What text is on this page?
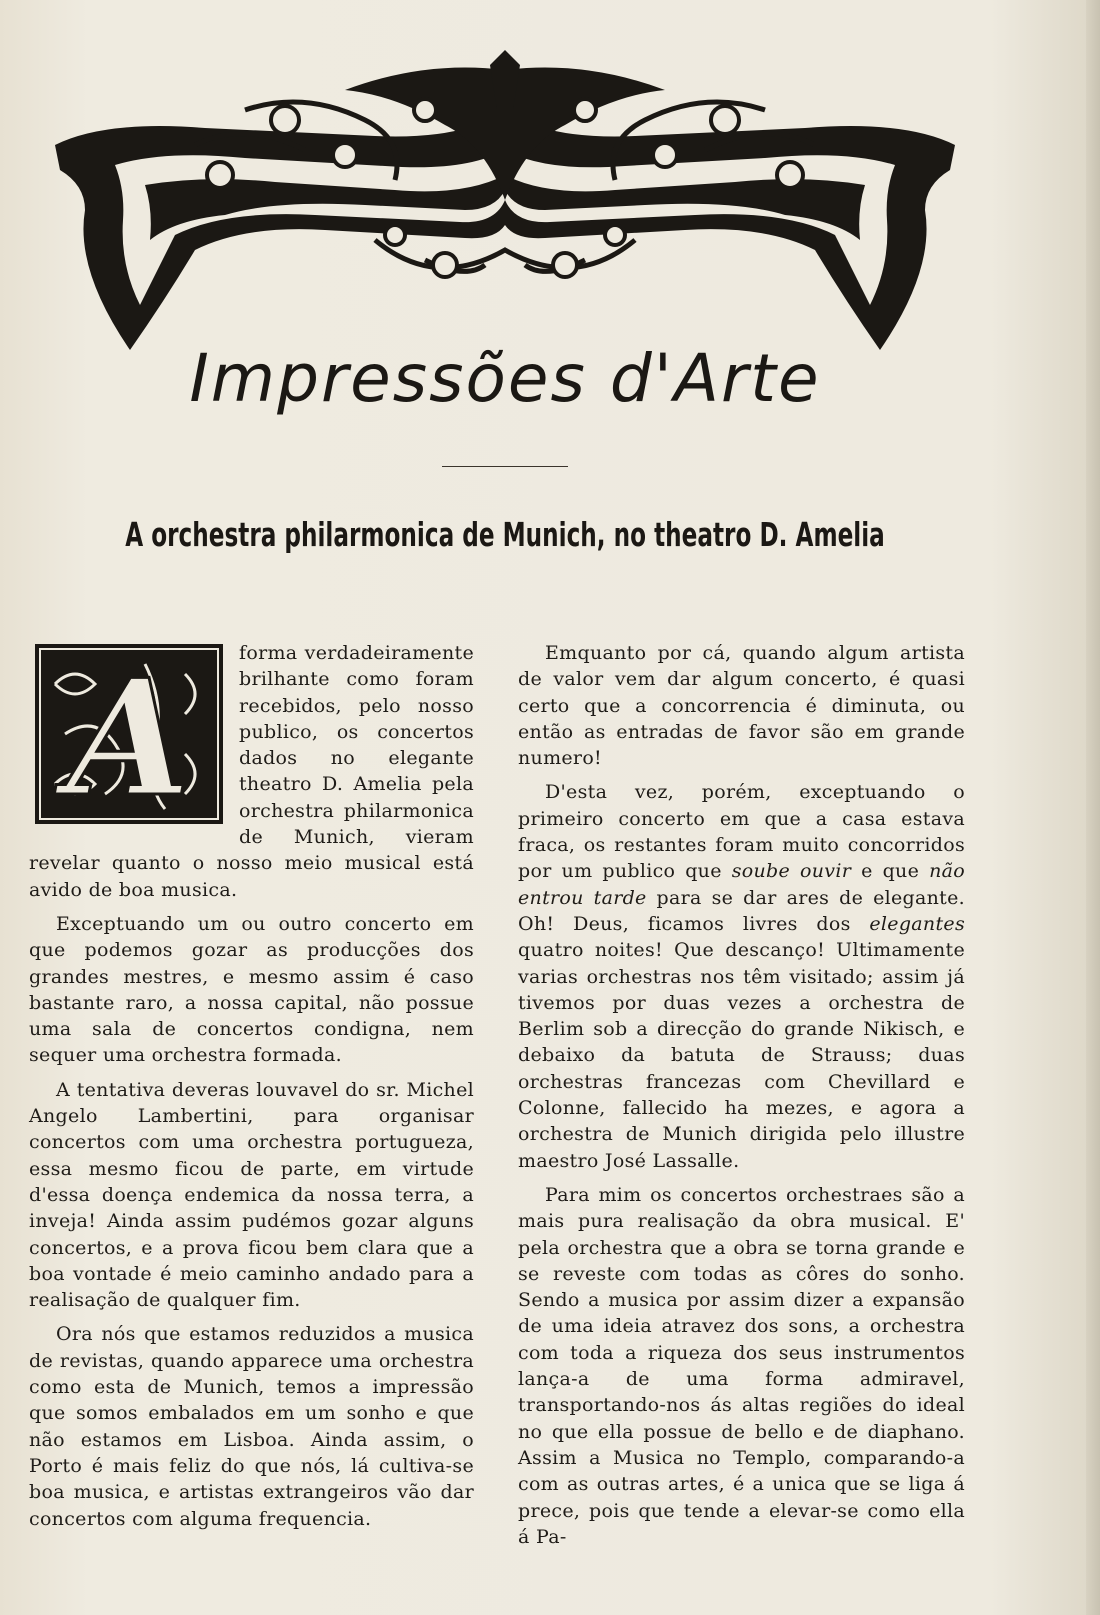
Impressões d'Arte
A orchestra philarmonica de Munich, no theatro D. Amelia
A	forma verdadeiramente brilhante como foram recebidos, pelo nosso publico, os concertos dados no elegante theatro D. Amelia pela orchestra philarmonica de Munich, vieram revelar quanto o nosso meio musical está avido de boa musica.

Exceptuando um ou outro concerto em que podemos gozar as producções dos grandes mestres, e mesmo assim é caso bastante raro, a nossa capital, não possue uma sala de concertos condigna, nem sequer uma orchestra formada.

A tentativa deveras louvavel do sr. Michel Angelo Lambertini, para organisar concertos com uma orchestra portugueza, essa mesmo ficou de parte, em virtude d'essa doença endemica da nossa terra, a inveja! Ainda assim pudémos gozar alguns concertos, e a prova ficou bem clara que a boa vontade é meio caminho andado para a realisação de qualquer fim.

Ora nós que estamos reduzidos a musica de revistas, quando apparece uma orchestra como esta de Munich, temos a impressão que somos embalados em um sonho e que não estamos em Lisboa. Ainda assim, o Porto é mais feliz do que nós, lá cultiva-se boa musica, e artistas extrangeiros vão dar concertos com alguma frequencia.

Emquanto por cá, quando algum artista de valor vem dar algum concerto, é quasi certo que a concorrencia é diminuta, ou então as entradas de favor são em grande numero!

D'esta vez, porém, exceptuando o primeiro concerto em que a casa estava fraca, os restantes foram muito concorridos por um publico que soube ouvir e que não entrou tarde para se dar ares de elegante. Oh! Deus, ficamos livres dos elegantes quatro noites! Que descanço! Ultimamente varias orchestras nos têm visitado; assim já tivemos por duas vezes a orchestra de Berlim sob a direcção do grande Nikisch, e debaixo da batuta de Strauss; duas orchestras francezas com Chevillard e Colonne, fallecido ha mezes, e agora a orchestra de Munich dirigida pelo illustre maestro José Lassalle.

Para mim os concertos orchestraes são a mais pura realisação da obra musical. E' pela orchestra que a obra se torna grande e se reveste com todas as côres do sonho. Sendo a musica por assim dizer a expansão de uma ideia atravez dos sons, a orchestra com toda a riqueza dos seus instrumentos lança-a de uma forma admiravel, transportando-nos ás altas regiões do ideal no que ella possue de bello e de diaphano. Assim a Musica no Templo, comparando-a com as outras artes, é a unica que se liga á prece, pois que tende a elevar-se como ella á Pa-
